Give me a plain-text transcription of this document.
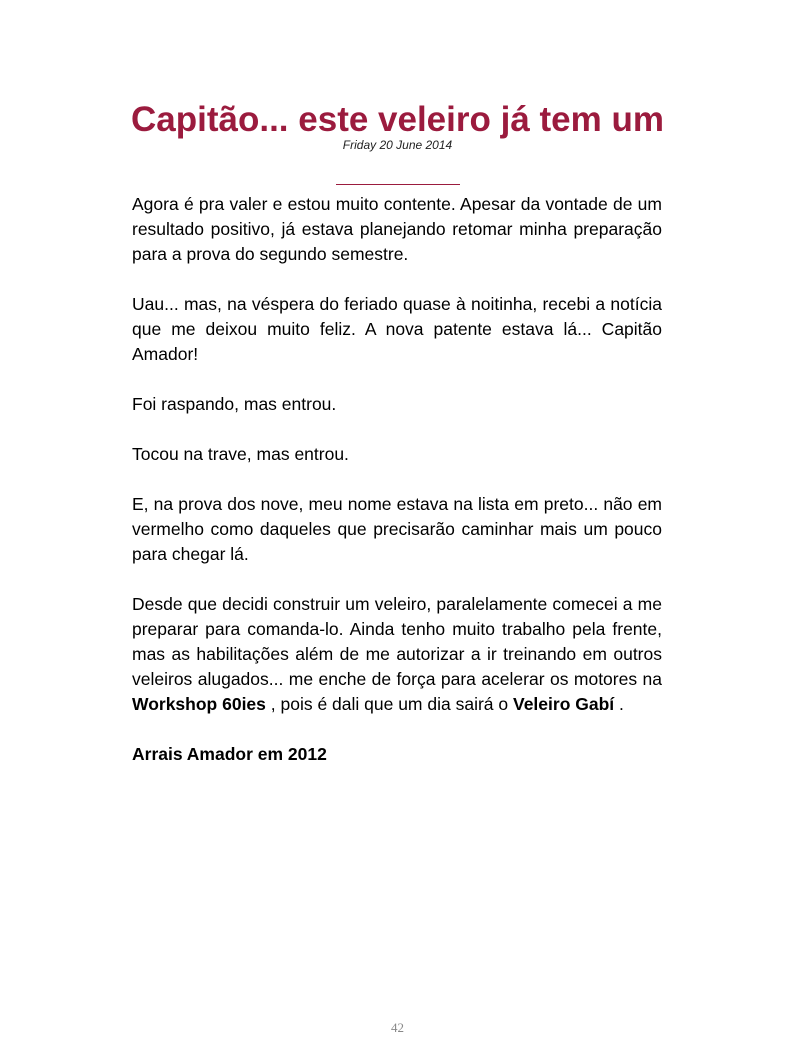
Capitão... este veleiro já tem um
Friday 20 June 2014

Agora é pra valer e estou muito contente. Apesar da vontade de um resultado positivo, já estava planejando retomar minha preparação para a prova do segundo semestre.

Uau... mas, na véspera do feriado quase à noitinha, recebi a notícia que me deixou muito feliz. A nova patente estava lá... Capitão Amador!

Foi raspando, mas entrou.

Tocou na trave, mas entrou.

E, na prova dos nove, meu nome estava na lista em preto... não em vermelho como daqueles que precisarão caminhar mais um pouco para chegar lá.

Desde que decidi construir um veleiro, paralelamente comecei a me preparar para comanda-lo. Ainda tenho muito trabalho pela frente, mas as habilitações além de me autorizar a ir treinando em outros veleiros alugados... me enche de força para acelerar os motores na Workshop 60ies , pois é dali que um dia sairá o Veleiro Gabí .

Arrais Amador em 2012

42
